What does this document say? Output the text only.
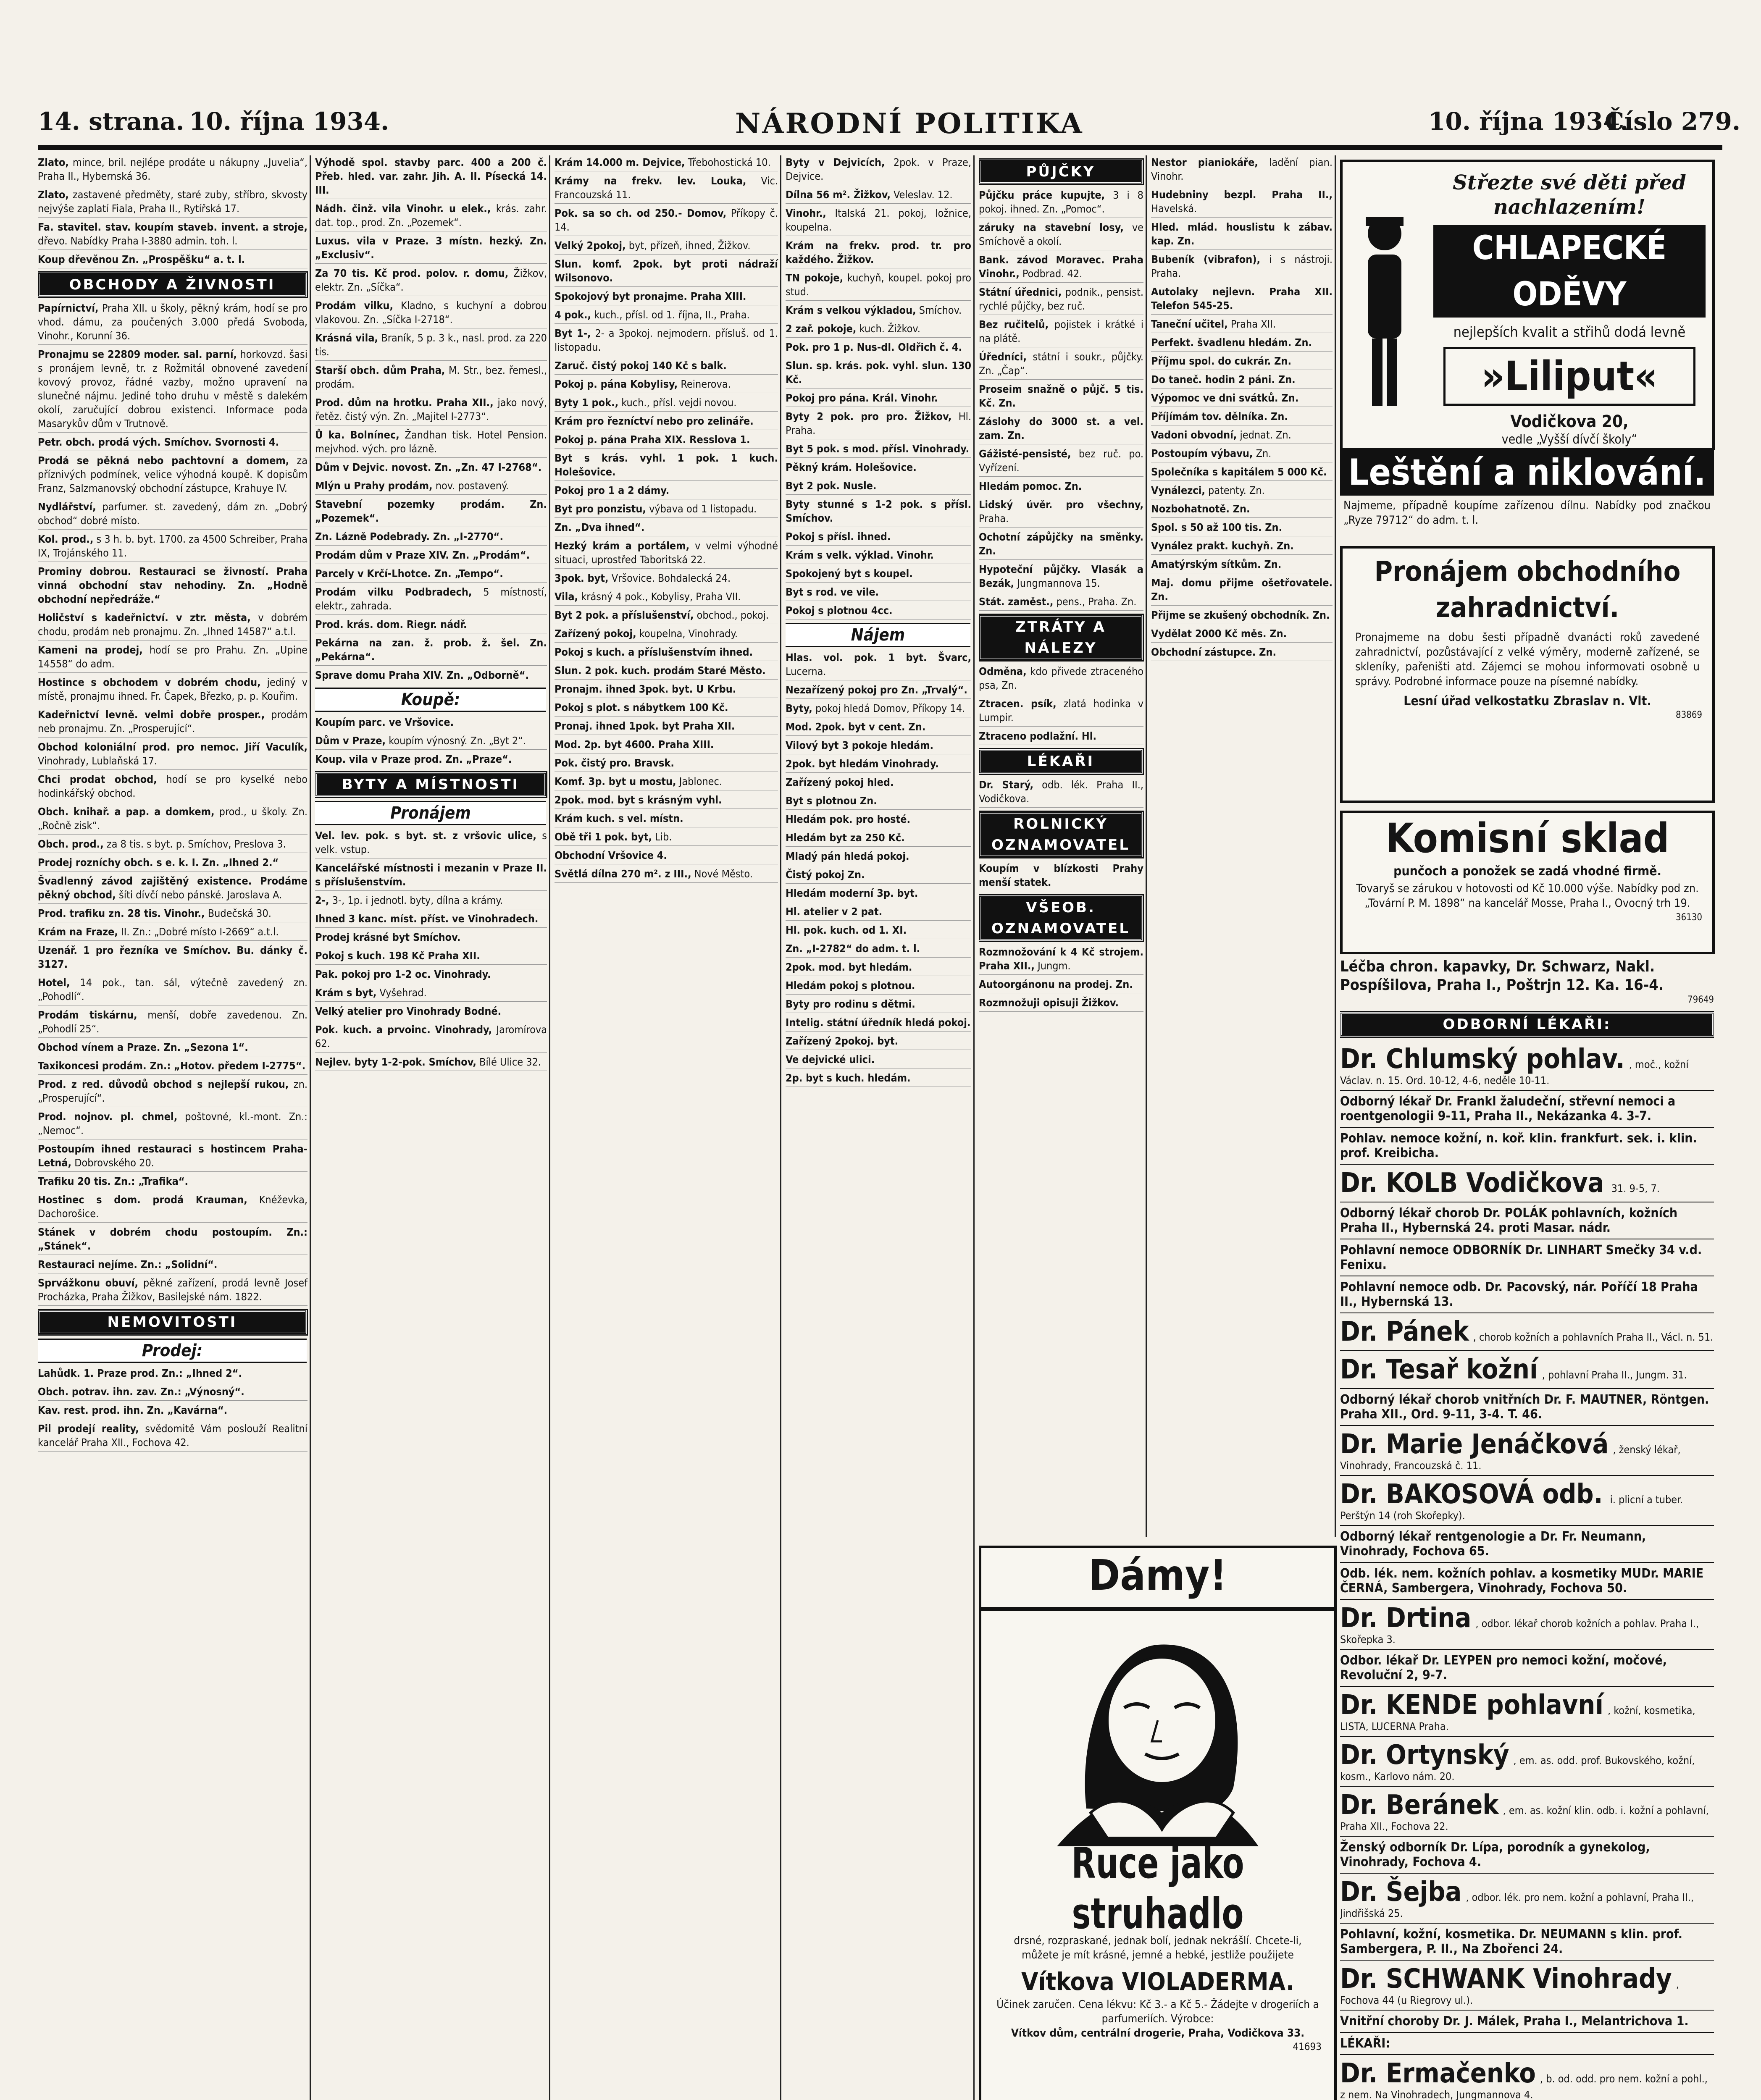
14. strana. 10. října 1934.	NÁRODNÍ POLITIKA	10. října 1934.
Číslo 279.
Zlato, mince, bril. nejlépe prodáte u nákupny „Juvelia“, Praha II., Hybernská 36.
Zlato, zastavené předměty, staré zuby, stříbro, skvosty nejvýše zaplatí Fiala, Praha II., Rytířská 17.
Fa. stavitel. stav. koupím staveb. invent. a stroje, dřevo. Nabídky Praha I-3880 admin. toh. l.
Koup dřevěnou Zn. „Prospěšku“ a. t. l.
OBCHODY A ŽIVNOSTI
Papírnictví, Praha XII. u školy, pěkný krám, hodí se pro vhod. dámu, za poučených 3.000 předá Svoboda, Vinohr., Korunní 36.
Pronajmu se 22809 moder. sal. parní, horkovzd. šasi s pronájem levně, tr. z Rožmitál obnovené zavedení kovový provoz, řádné vazby, možno upravení na slunečné nájmu. Jediné toho druhu v městě s dalekém okolí, zaručující dobrou existenci. Informace poda Masarykův dům v Trutnově.
Petr. obch. prodá vých. Smíchov. Svornosti 4.
Prodá se pěkná nebo pachtovní a domem, za příznivých podmínek, velice výhodná koupě. K dopisům Franz, Salzmanovský obchodní zástupce, Krahuye IV.
Nydlářství, parfumer. st. zavedený, dám zn. „Dobrý obchod“ dobré místo.
Kol. prod., s 3 h. b. byt. 1700. za 4500 Schreiber, Praha IX, Trojánského 11.
Prominy dobrou. Restauraci se živností. Praha vinná obchodní stav nehodiny. Zn. „Hodně obchodní nepředráže.“
Holičství s kadeřnictví. v ztr. města, v dobrém chodu, prodám neb pronajmu. Zn. „Ihned 14587“ a.t.l.
Kameni na prodej, hodí se pro Prahu. Zn. „Upine 14558“ do adm.
Hostince s obchodem v dobrém chodu, jediný v místě, pronajmu ihned. Fr. Čapek, Březko, p. p. Kouřim.
Kadeřnictví levně. velmi dobře prosper., prodám neb pronajmu. Zn. „Prosperující“.
Obchod koloniální prod. pro nemoc. Jiří Vaculík, Vinohrady, Lublaňská 17.
Chci prodat obchod, hodí se pro kyselké nebo hodinkářský obchod.
Obch. knihař. a pap. a domkem, prod., u školy. Zn. „Ročně zisk“.
Obch. prod., za 8 tis. s byt. p. Smíchov, Preslova 3.
Prodej rozníchy obch. s e. k. I. Zn. „Ihned 2.“
Švadlenný závod zajištěný existence. Prodáme pěkný obchod, šíti dívčí nebo pánské. Jaroslava A.
Prod. trafiku zn. 28 tis. Vinohr., Budečská 30.
Krám na Fraze, II. Zn.: „Dobré místo I-2669“ a.t.l.
Uzenář. 1 pro řezníka ve Smíchov. Bu. dánky č. 3127.
Hotel, 14 pok., tan. sál, výtečně zavedený zn. „Pohodlí“.
Prodám tiskárnu, menší, dobře zavedenou. Zn. „Pohodlí 25“.
Obchod vínem a Praze. Zn. „Sezona 1“.
Taxikoncesi prodám. Zn.: „Hotov. předem I-2775“.
Prod. z red. důvodů obchod s nejlepší rukou, zn. „Prosperující“.
Prod. nojnov. pl. chmel, poštovné, kl.-mont. Zn.: „Nemoc“.
Postoupím ihned restauraci s hostincem Praha-Letná, Dobrovského 20.
Trafiku 20 tis. Zn.: „Trafika“.
Hostinec s dom. prodá Krauman, Knéževka, Dachorošice.
Stánek v dobrém chodu postoupím. Zn.: „Stánek“.
Restauraci nejíme. Zn.: „Solidní“.
Sprvážkonu obuví, pěkné zařízení, prodá levně Josef Procházka, Praha Žižkov, Basilejské nám. 1822.
NEMOVITOSTI
Prodej:
Lahůdk. 1. Praze prod. Zn.: „Ihned 2“.
Obch. potrav. ihn. zav. Zn.: „Výnosný“.
Kav. rest. prod. ihn. Zn. „Kavárna“.
Pil prodejí reality, svědomitě Vám poslouží Realitní kancelář Praha XII., Fochova 42.
Výhodě spol. stavby parc. 400 a 200 č. Přeb. hled. var. zahr. Jih. A. II. Písecká 14. III.
Nádh. činž. vila Vinohr. u elek., krás. zahr. dat. top., prod. Zn. „Pozemek“.
Luxus. vila v Praze. 3 místn. hezký. Zn. „Exclusiv“.
Za 70 tis. Kč prod. polov. r. domu, Žižkov, elektr. Zn. „Síčka“.
Prodám vilku, Kladno, s kuchyní a dobrou vlakovou. Zn. „Síčka I-2718“.
Krásná vila, Braník, 5 p. 3 k., nasl. prod. za 220 tis.
Starší obch. dům Praha, M. Str., bez. řemesl., prodám.
Prod. dům na hrotku. Praha XII., jako nový, řetěz. čistý výn. Zn. „Majitel I-2773“.
Ů ka. Bolnínec, Žandhan tisk. Hotel Pension. mejvhod. vých. pro lázně.
Dům v Dejvic. novost. Zn. „Zn. 47 I-2768“.
Mlýn u Prahy prodám, nov. postavený.
Stavební pozemky prodám. Zn. „Pozemek“.
Zn. Lázně Podebrady. Zn. „I-2770“.
Prodám dům v Praze XIV. Zn. „Prodám“.
Parcely v Krčí-Lhotce. Zn. „Tempo“.
Prodám vilku Podbradech, 5 místností, elektr., zahrada.
Prod. krás. dom. Riegr. nádř.
Pekárna na zan. ž. prob. ž. šel. Zn. „Pekárna“.
Sprave domu Praha XIV. Zn. „Odborně“.
Koupě:
Koupím parc. ve Vršovice.
Dům v Praze, koupím výnosný. Zn. „Byt 2“.
Koup. vila v Praze prod. Zn. „Praze“.
BYTY A MÍSTNOSTI
Pronájem
Vel. lev. pok. s byt. st. z vršovic ulice, s velk. vstup.
Kancelářské místnosti i mezanin v Praze II. s příslušenstvím.
2-, 3-, 1p. i jednotl. byty, dílna a krámy.
Ihned 3 kanc. míst. příst. ve Vinohradech.
Prodej krásné byt Smíchov.
Pokoj s kuch. 198 Kč Praha XII.
Pak. pokoj pro 1-2 oc. Vinohrady.
Krám s byt, Vyšehrad.
Velký atelier pro Vinohrady Bodné.
Pok. kuch. a prvoinc. Vinohrady, Jaromírova 62.
Nejlev. byty 1-2-pok. Smíchov, Bílé Ulice 32.
Krám 14.000 m. Dejvice, Třebohostická 10.
Krámy na frekv. lev. Louka, Vic. Francouzská 11.
Pok. sa so ch. od 250.- Domov, Příkopy č. 14.
Velký 2pokoj, byt, přízeň, ihned, Žižkov.
Slun. komf. 2pok. byt proti nádraží Wilsonovo.
Spokojový byt pronajme. Praha XIII.
4 pok., kuch., přísl. od 1. října, II., Praha.
Byt 1-, 2- a 3pokoj. nejmodern. přísluš. od 1. listopadu.
Zaruč. čistý pokoj 140 Kč s balk.
Pokoj p. pána Kobylisy, Reinerova.
Byty 1 pok., kuch., přísl. vejdi novou.
Krám pro řezníctví nebo pro zelináře.
Pokoj p. pána Praha XIX. Resslova 1.
Byt s krás. vyhl. 1 pok. 1 kuch. Holešovice.
Pokoj pro 1 a 2 dámy.
Byt pro ponzistu, výbava od 1 listopadu.
Zn. „Dva ihned“.
Hezký krám a portálem, v velmi výhodné situaci, uprostřed Taboritská 22.
3pok. byt, Vršovice. Bohdalecká 24.
Vila, krásný 4 pok., Kobylisy, Praha VII.
Byt 2 pok. a příslušenství, obchod., pokoj.
Zařízený pokoj, koupelna, Vinohrady.
Pokoj s kuch. a příslušenstvím ihned.
Slun. 2 pok. kuch. prodám Staré Město.
Pronajm. ihned 3pok. byt. U Krbu.
Pokoj s plot. s nábytkem 100 Kč.
Pronaj. ihned 1pok. byt Praha XII.
Mod. 2p. byt 4600. Praha XIII.
Pok. čistý pro. Bravsk.
Komf. 3p. byt u mostu, Jablonec.
2pok. mod. byt s krásným vyhl.
Krám kuch. s vel. místn.
Obě tři 1 pok. byt, Lib.
Obchodní Vršovice 4.
Světlá dílna 270 m². z III., Nové Město.
Byty v Dejvicích, 2pok. v Praze, Dejvice.
Dílna 56 m². Žižkov, Veleslav. 12.
Vinohr., Italská 21. pokoj, ložnice, koupelna.
Krám na frekv. prod. tr. pro každého. Žižkov.
TN pokoje, kuchyň, koupel. pokoj pro stud.
Krám s velkou výkladou, Smíchov.
2 zař. pokoje, kuch. Žižkov.
Pok. pro 1 p. Nus-dl. Oldřich č. 4.
Slun. sp. krás. pok. vyhl. slun. 130 Kč.
Pokoj pro pána. Král. Vinohr.
Byty 2 pok. pro pro. Žižkov, Hl. Praha.
Byt 5 pok. s mod. přísl. Vinohrady.
Pěkný krám. Holešovice.
Byt 2 pok. Nusle.
Byty stunné s 1-2 pok. s přísl. Smíchov.
Pokoj s přísl. ihned.
Krám s velk. výklad. Vinohr.
Spokojený byt s koupel.
Byt s rod. ve vile.
Pokoj s plotnou 4cc.
Nájem
Hlas. vol. pok. 1 byt. Švarc, Lucerna.
Nezařízený pokoj pro Zn. „Trvalý“.
Byty, pokoj hledá Domov, Příkopy 14.
Mod. 2pok. byt v cent. Zn.
Vilový byt 3 pokoje hledám.
2pok. byt hledám Vinohrady.
Zařízený pokoj hled.
Byt s plotnou Zn.
Hledám pok. pro hosté.
Hledám byt za 250 Kč.
Mladý pán hledá pokoj.
Čistý pokoj Zn.
Hledám moderní 3p. byt.
Hl. atelier v 2 pat.
Hl. pok. kuch. od 1. XI.
Zn. „I-2782“ do adm. t. l.
2pok. mod. byt hledám.
Hledám pokoj s plotnou.
Byty pro rodinu s dětmi.
Intelig. státní úředník hledá pokoj.
Zařízený 2pokoj. byt.
Ve dejvické ulici.
2p. byt s kuch. hledám.
PŮJČKY
Půjčku práce kupujte, 3 i 8 pokoj. ihned. Zn. „Pomoc“.
záruky na stavební losy, ve Smíchově a okolí.
Bank. závod Moravec. Praha Vinohr., Podbrad. 42.
Státní úřednici, podnik., pensist. rychlé půjčky, bez ruč.
Bez ručitelů, pojistek i krátké i na plátě.
Úředníci, státní i soukr., půjčky. Zn. „Čap“.
Proseim snažně o půjč. 5 tis. Kč. Zn.
Záslohy do 3000 st. a vel. zam. Zn.
Gážisté-pensisté, bez ruč. po. Vyřízení.
Hledám pomoc. Zn.
Lidský úvěr. pro všechny, Praha.
Ochotní zápůjčky na směnky. Zn.
Hypoteční půjčky. Vlasák a Bezák, Jungmannova 15.
Stát. zaměst., pens., Praha. Zn.
ZTRÁTY A NÁLEZY
Odměna, kdo přivede ztraceného psa, Zn.
Ztracen. psík, zlatá hodinka v Lumpir.
Ztraceno podlažní. Hl.
LÉKAŘI
Dr. Starý, odb. lék. Praha II., Vodičkova.
ROLNICKÝ OZNAMOVATEL
Koupím v blízkosti Prahy menší statek.
VŠEOB. OZNAMOVATEL
Rozmnožování k 4 Kč strojem. Praha XII., Jungm.
Autoorgánonu na prodej. Zn.
Rozmnožuji opisuji Žižkov.
Nestor pianiokáře, ladění pian. Vinohr.
Hudebniny bezpl. Praha II., Havelská.
Hled. mlád. houslistu k zábav. kap. Zn.
Bubeník (vibrafon), i s nástroji. Praha.
Autolaky nejlevn. Praha XII. Telefon 545-25.
Taneční učitel, Praha XII.
Perfekt. švadlenu hledám. Zn.
Příjmu spol. do cukrár. Zn.
Do taneč. hodin 2 páni. Zn.
Výpomoc ve dni svátků. Zn.
Příjímám tov. dělníka. Zn.
Vadoni obvodní, jednat. Zn.
Postoupím výbavu, Zn.
Společníka s kapitálem 5 000 Kč.
Vynálezci, patenty. Zn.
Nozbohatnotě. Zn.
Spol. s 50 až 100 tis. Zn.
Vynález prakt. kuchyň. Zn.
Amatýrským sítkům. Zn.
Maj. domu přijme ošetřovatele. Zn.
Přijme se zkušený obchodník. Zn.
Vydělat 2000 Kč měs. Zn.
Obchodní zástupce. Zn.
Dámy!
Ruce jako struhadlo
drsné, rozpraskané, jednak bolí, jednak nekrášlí. Chcete-li, můžete je mít krásné, jemné a hebké, jestliže použijete
Vítkova VIOLADERMA.
Účinek zaručen. Cena lékvu: Kč 3.- a Kč 5.- Žádejte v drogeriích a parfumeriích. Výrobce:
Vítkov dům, centrální drogerie, Praha, Vodičkova 33.
41693
Střezte své děti před nachlazením!
CHLAPECKÉ ODĚVY
nejlepších kvalit a střihů dodá levně
»Liliput«
Vodičkova 20,
vedle „Vyšší dívčí školy“
Leštění a niklování.
Najmeme, případně koupíme zařízenou dílnu. Nabídky pod značkou „Ryze 79712“ do adm. t. l.
Pronájem obchodního zahradnictví.
Pronajmeme na dobu šesti případně dvanácti roků zavedené zahradnictví, pozůstávající z velké výměry, moderně zařízené, se skleníky, pařeništi atd. Zájemci se mohou informovati osobně u správy. Podrobné informace pouze na písemné nabídky.
Lesní úřad velkostatku Zbraslav n. Vlt.
83869
Komisní sklad
punčoch a ponožek se zadá vhodné firmě.
Tovaryš se zárukou v hotovosti od Kč 10.000 výše. Nabídky pod zn. „Tovární P. M. 1898“ na kancelář Mosse, Praha I., Ovocný trh 19.
36130
Léčba chron. kapavky, Dr. Schwarz, Nakl. Pospíšilova, Praha I., Poštrjn 12. Ka. 16-4.
79649
ODBORNÍ LÉKAŘI:
Dr. Chlumský pohlav. , moč., kožní Václav. n. 15. Ord. 10-12, 4-6, neděle 10-11.
Odborný lékař Dr. Frankl žaludeční, střevní nemoci a roentgenologii 9-11, Praha II., Nekázanka 4. 3-7.
Pohlav. nemoce kožní, n. koř. klin. frankfurt. sek. i. klin. prof. Kreibicha.
Dr. KOLB Vodičkova 31. 9-5, 7.
Odborný lékař chorob Dr. POLÁK pohlavních, kožních Praha II., Hybernská 24. proti Masar. nádr.
Pohlavní nemoce ODBORNÍK Dr. LINHART Smečky 34 v.d. Fenixu.
Pohlavní nemoce odb. Dr. Pacovský, nár. Poříčí 18 Praha II., Hybernská 13.
Dr. Pánek , chorob kožních a pohlavních Praha II., Václ. n. 51.
Dr. Tesař kožní , pohlavní Praha II., Jungm. 31.
Odborný lékař chorob vnitřních Dr. F. MAUTNER, Röntgen. Praha XII., Ord. 9-11, 3-4. T. 46.
Dr. Marie Jenáčková , ženský lékař, Vinohrady, Francouzská č. 11.
Dr. BAKOSOVÁ odb. i. plicní a tuber. Perštýn 14 (roh Skořepky).
Odborný lékař rentgenologie a Dr. Fr. Neumann, Vinohrady, Fochova 65.
Odb. lék. nem. kožních pohlav. a kosmetiky MUDr. MARIE ČERNÁ, Sambergera, Vinohrady, Fochova 50.
Dr. Drtina , odbor. lékař chorob kožních a pohlav. Praha I., Skořepka 3.
Odbor. lékař Dr. LEYPEN pro nemoci kožní, močové, Revoluční 2, 9-7.
Dr. KENDE pohlavní , kožní, kosmetika, LISTA, LUCERNA Praha.
Dr. Ortynský , em. as. odd. prof. Bukovského, kožní, kosm., Karlovo nám. 20.
Dr. Beránek , em. as. kožní klin. odb. i. kožní a pohlavní, Praha XII., Fochova 22.
Ženský odborník Dr. Lípa, porodník a gynekolog, Vinohrady, Fochova 4.
Dr. Šejba , odbor. lék. pro nem. kožní a pohlavní, Praha II., Jindřišská 25.
Pohlavní, kožní, kosmetika. Dr. NEUMANN s klin. prof. Sambergera, P. II., Na Zbořenci 24.
Dr. SCHWANK Vinohrady , Fochova 44 (u Riegrovy ul.).
Vnitřní choroby Dr. J. Málek, Praha I., Melantrichova 1.
LÉKAŘI:
Dr. Ermačenko , b. od. odd. pro nem. kožní a pohl., z nem. Na Vinohradech, Jungmannova 4.
